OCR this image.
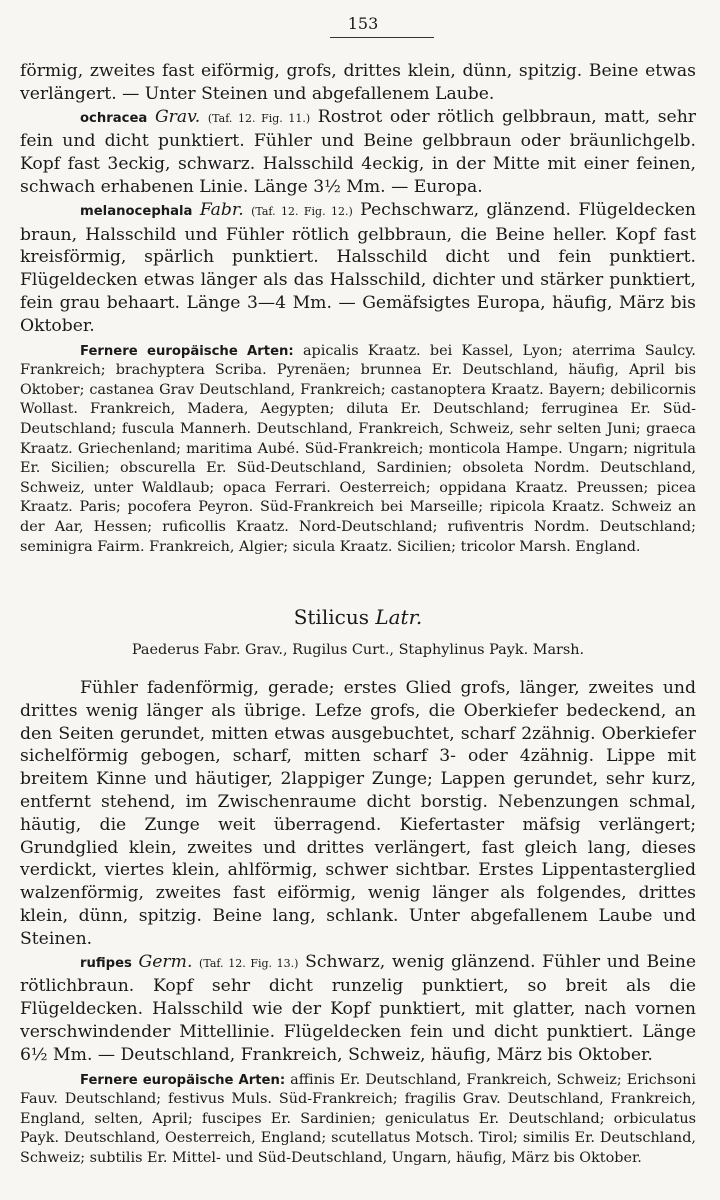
153

förmig, zweites fast eiförmig, grofs, drittes klein, dünn, spitzig. Beine etwas verlängert. — Unter Steinen und abgefallenem Laube.

ochracea Grav. (Taf. 12. Fig. 11.) Rostrot oder rötlich gelbbraun, matt, sehr fein und dicht punktiert. Fühler und Beine gelbbraun oder bräunlichgelb. Kopf fast 3eckig, schwarz. Halsschild 4eckig, in der Mitte mit einer feinen, schwach erhabenen Linie. Länge 3½ Mm. — Europa.

melanocephala Fabr. (Taf. 12. Fig. 12.) Pechschwarz, glänzend. Flügeldecken braun, Halsschild und Fühler rötlich gelbbraun, die Beine heller. Kopf fast kreisförmig, spärlich punktiert. Halsschild dicht und fein punktiert. Flügeldecken etwas länger als das Halsschild, dichter und stärker punktiert, fein grau behaart. Länge 3—4 Mm. — Gemäfsigtes Europa, häufig, März bis Oktober.

Fernere europäische Arten: apicalis Kraatz. bei Kassel, Lyon; aterrima Saulcy. Frankreich; brachyptera Scriba. Pyrenäen; brunnea Er. Deutschland, häufig, April bis Oktober; castanea Grav Deutschland, Frankreich; castanoptera Kraatz. Bayern; debilicornis Wollast. Frankreich, Madera, Aegypten; diluta Er. Deutschland; ferruginea Er. Süd-Deutschland; fuscula Mannerh. Deutschland, Frankreich, Schweiz, sehr selten Juni; graeca Kraatz. Griechenland; maritima Aubé. Süd-Frankreich; monticola Hampe. Ungarn; nigritula Er. Sicilien; obscurella Er. Süd-Deutschland, Sardinien; obsoleta Nordm. Deutschland, Schweiz, unter Waldlaub; opaca Ferrari. Oesterreich; oppidana Kraatz. Preussen; picea Kraatz. Paris; pocofera Peyron. Süd-Frankreich bei Marseille; ripicola Kraatz. Schweiz an der Aar, Hessen; ruficollis Kraatz. Nord-Deutschland; rufiventris Nordm. Deutschland; seminigra Fairm. Frankreich, Algier; sicula Kraatz. Sicilien; tricolor Marsh. England.

Stilicus Latr.
Paederus Fabr. Grav., Rugilus Curt., Staphylinus Payk. Marsh.

Fühler fadenförmig, gerade; erstes Glied grofs, länger, zweites und drittes wenig länger als übrige. Lefze grofs, die Oberkiefer bedeckend, an den Seiten gerundet, mitten etwas ausgebuchtet, scharf 2zähnig. Oberkiefer sichelförmig gebogen, scharf, mitten scharf 3- oder 4zähnig. Lippe mit breitem Kinne und häutiger, 2lappiger Zunge; Lappen gerundet, sehr kurz, entfernt stehend, im Zwischenraume dicht borstig. Nebenzungen schmal, häutig, die Zunge weit überragend. Kiefertaster mäfsig verlängert; Grundglied klein, zweites und drittes verlängert, fast gleich lang, dieses verdickt, viertes klein, ahlförmig, schwer sichtbar. Erstes Lippentasterglied walzenförmig, zweites fast eiförmig, wenig länger als folgendes, drittes klein, dünn, spitzig. Beine lang, schlank. Unter abgefallenem Laube und Steinen.

rufipes Germ. (Taf. 12. Fig. 13.) Schwarz, wenig glänzend. Fühler und Beine rötlichbraun. Kopf sehr dicht runzelig punktiert, so breit als die Flügeldecken. Halsschild wie der Kopf punktiert, mit glatter, nach vornen verschwindender Mittellinie. Flügeldecken fein und dicht punktiert. Länge 6½ Mm. — Deutschland, Frankreich, Schweiz, häufig, März bis Oktober.

Fernere europäische Arten: affinis Er. Deutschland, Frankreich, Schweiz; Erichsoni Fauv. Deutschland; festivus Muls. Süd-Frankreich; fragilis Grav. Deutschland, Frankreich, England, selten, April; fuscipes Er. Sardinien; geniculatus Er. Deutschland; orbiculatus Payk. Deutschland, Oesterreich, England; scutellatus Motsch. Tirol; similis Er. Deutschland, Schweiz; subtilis Er. Mittel- und Süd-Deutschland, Ungarn, häufig, März bis Oktober.
